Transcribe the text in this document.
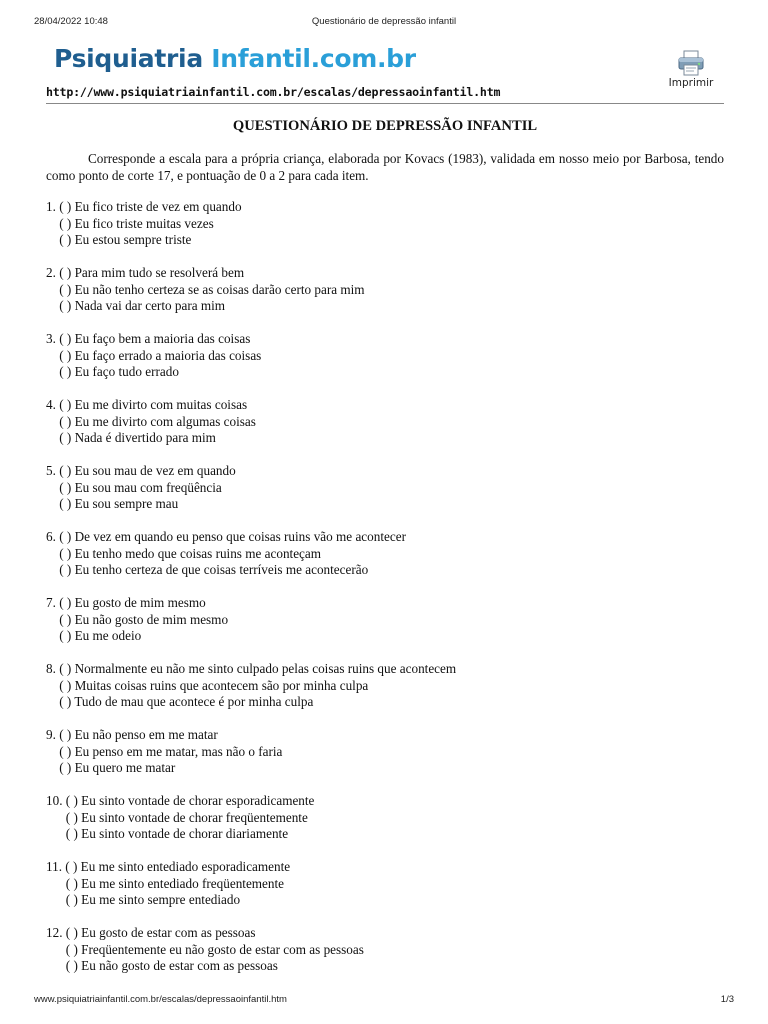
28/04/2022 10:48	Questionário de depressão infantil
Psiquiatria Infantil.com.br
Imprimir
http://www.psiquiatriainfantil.com.br/escalas/depressaoinfantil.htm
QUESTIONÁRIO DE DEPRESSÃO INFANTIL

Corresponde a escala para a própria criança, elaborada por Kovacs (1983), validada em nosso meio por Barbosa, tendo como ponto de corte 17, e pontuação de 0 a 2 para cada item.

1. ( ) Eu fico triste de vez em quando
( ) Eu fico triste muitas vezes
( ) Eu estou sempre triste
2. ( ) Para mim tudo se resolverá bem
( ) Eu não tenho certeza se as coisas darão certo para mim
( ) Nada vai dar certo para mim
3. ( ) Eu faço bem a maioria das coisas
( ) Eu faço errado a maioria das coisas
( ) Eu faço tudo errado
4. ( ) Eu me divirto com muitas coisas
( ) Eu me divirto com algumas coisas
( ) Nada é divertido para mim
5. ( ) Eu sou mau de vez em quando
( ) Eu sou mau com freqüência
( ) Eu sou sempre mau
6. ( ) De vez em quando eu penso que coisas ruins vão me acontecer
( ) Eu tenho medo que coisas ruins me aconteçam
( ) Eu tenho certeza de que coisas terríveis me acontecerão
7. ( ) Eu gosto de mim mesmo
( ) Eu não gosto de mim mesmo
( ) Eu me odeio
8. ( ) Normalmente eu não me sinto culpado pelas coisas ruins que acontecem
( ) Muitas coisas ruins que acontecem são por minha culpa
( ) Tudo de mau que acontece é por minha culpa
9. ( ) Eu não penso em me matar
( ) Eu penso em me matar, mas não o faria
( ) Eu quero me matar
10. ( ) Eu sinto vontade de chorar esporadicamente
( ) Eu sinto vontade de chorar freqüentemente
( ) Eu sinto vontade de chorar diariamente
11. ( ) Eu me sinto entediado esporadicamente
( ) Eu me sinto entediado freqüentemente
( ) Eu me sinto sempre entediado
12. ( ) Eu gosto de estar com as pessoas
( ) Freqüentemente eu não gosto de estar com as pessoas
( ) Eu não gosto de estar com as pessoas
www.psiquiatriainfantil.com.br/escalas/depressaoinfantil.htm	1/3
